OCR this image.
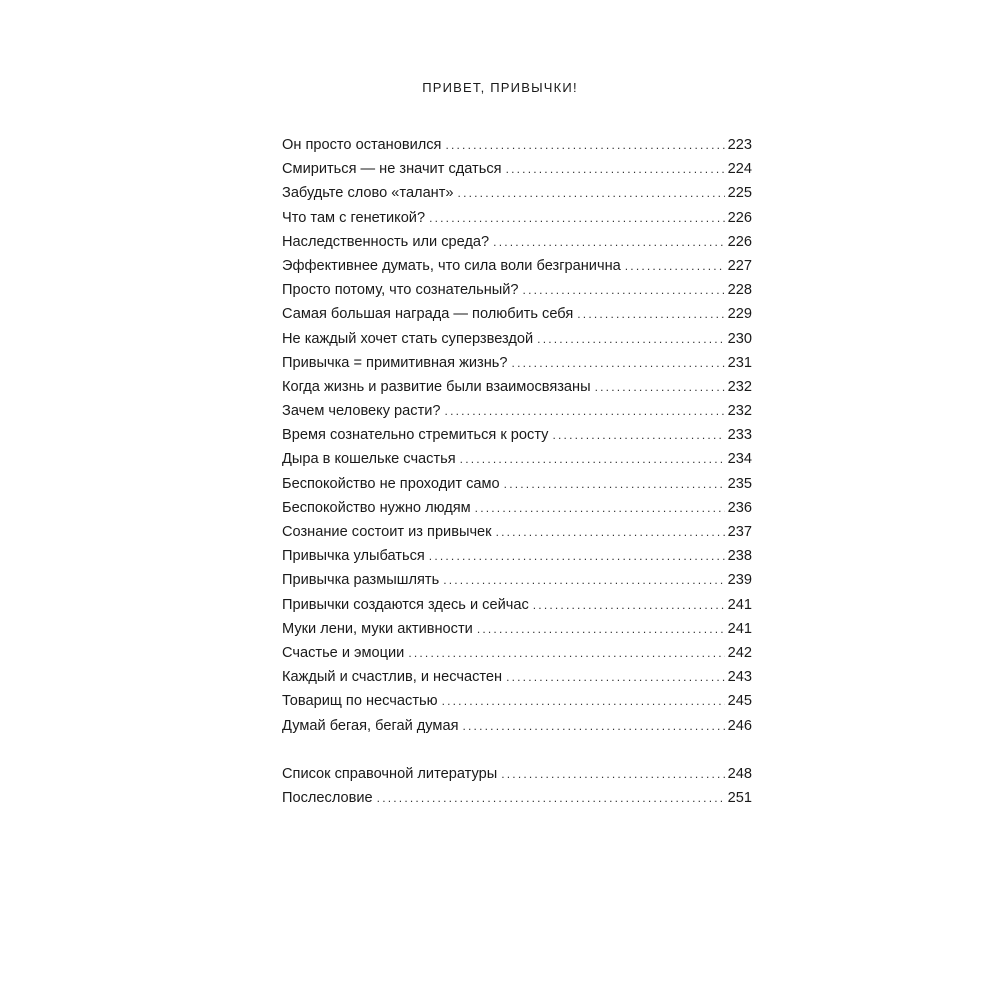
ПРИВЕТ, ПРИВЫЧКИ!
Он просто остановился .....	223
Смириться — не значит сдаться .....	224
Забудьте слово «талант» .....	225
Что там с генетикой? .....	226
Наследственность или среда? .....	226
Эффективнее думать, что сила воли безгранична .....	227
Просто потому, что сознательный? .....	228
Самая большая награда — полюбить себя .....	229
Не каждый хочет стать суперзвездой .....	230
Привычка = примитивная жизнь? .....	231
Когда жизнь и развитие были взаимосвязаны .....	232
Зачем человеку расти? .....	232
Время сознательно стремиться к росту .....	233
Дыра в кошельке счастья .....	234
Беспокойство не проходит само .....	235
Беспокойство нужно людям .....	236
Сознание состоит из привычек .....	237
Привычка улыбаться .....	238
Привычка размышлять .....	239
Привычки создаются здесь и сейчас .....	241
Муки лени, муки активности .....	241
Счастье и эмоции .....	242
Каждый и счастлив, и несчастен .....	243
Товарищ по несчастью .....	245
Думай бегая, бегай думая .....	246
Список справочной литературы .....	248
Послесловие .....	251
